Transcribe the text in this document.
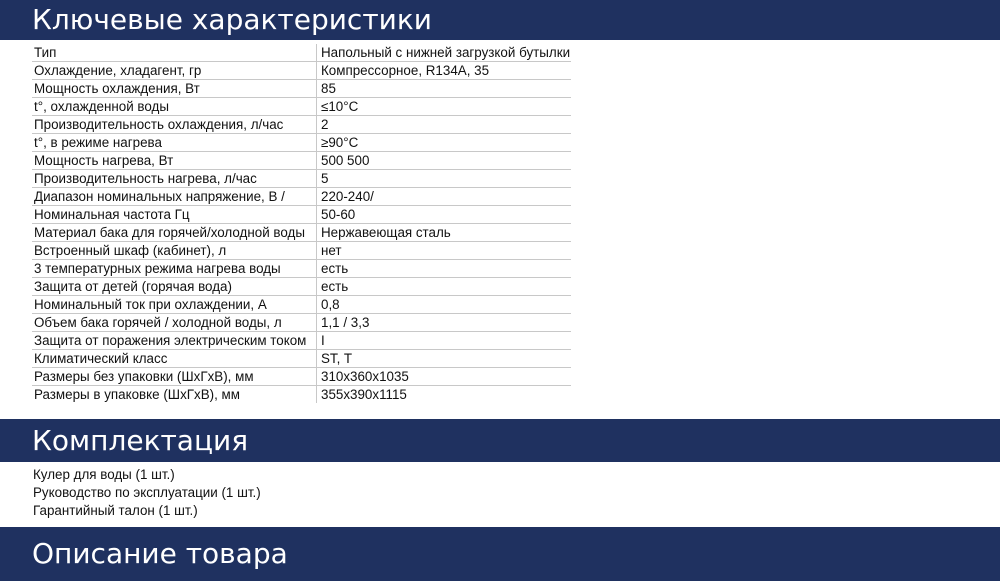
Ключевые характеристики
Тип	Напольный с нижней загрузкой бутылки
Охлаждение, хладагент, гр	Компрессорное, R134A, 35
Мощность охлаждения, Вт	85
t°, охлажденной воды	≤10°C
Производительность охлаждения, л/час	2
t°, в режиме нагрева	≥90°C
Мощность нагрева, Вт	500 500
Производительность нагрева, л/час	5
Диапазон номинальных напряжение, В /	220-240/
Номинальная частота Гц	50-60
Материал бака для горячей/холодной воды	Нержавеющая сталь
Встроенный шкаф (кабинет), л	нет
3 температурных режима нагрева воды	есть
Защита от детей (горячая вода)	есть
Номинальный ток при охлаждении, А	0,8
Объем бака горячей / холодной воды, л	1,1 / 3,3
Защита от поражения электрическим током	I
Климатический класс	ST, T
Размеры без упаковки (ШхГхВ), мм	310x360x1035
Размеры в упаковке (ШхГхВ), мм	355x390x1115
Комплектация
Кулер для воды (1 шт.)
Руководство по эксплуатации (1 шт.)
Гарантийный талон (1 шт.)
Описание товара
